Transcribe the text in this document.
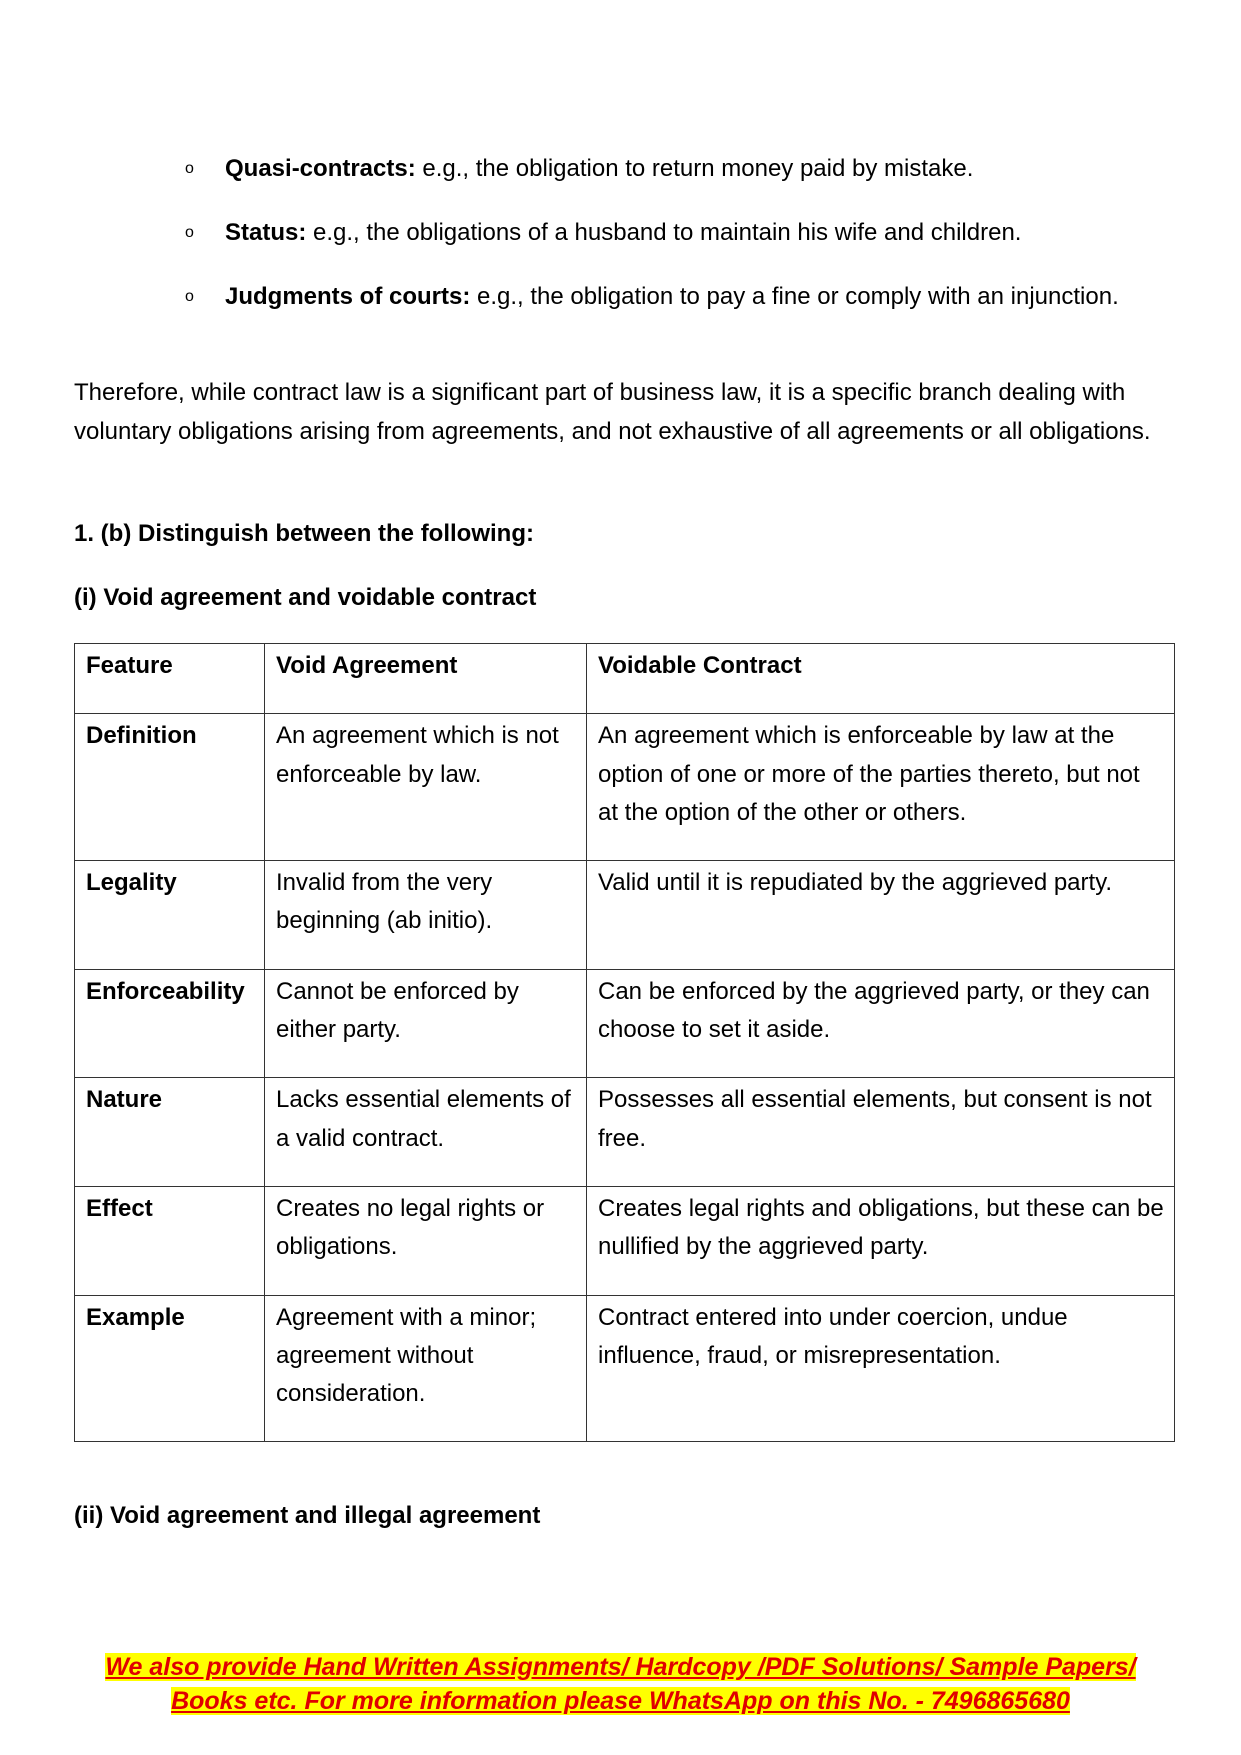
o Quasi-contracts: e.g., the obligation to return money paid by mistake.
o Status: e.g., the obligations of a husband to maintain his wife and children.
o Judgments of courts: e.g., the obligation to pay a fine or comply with an injunction.
Therefore, while contract law is a significant part of business law, it is a specific branch dealing with voluntary obligations arising from agreements, and not exhaustive of all agreements or all obligations.
1. (b) Distinguish between the following:
(i) Void agreement and voidable contract
Feature	Void Agreement	Voidable Contract
Definition	An agreement which is not enforceable by law.	An agreement which is enforceable by law at the option of one or more of the parties thereto, but not at the option of the other or others.
Legality	Invalid from the very beginning (ab initio).	Valid until it is repudiated by the aggrieved party.
Enforceability	Cannot be enforced by either party.	Can be enforced by the aggrieved party, or they can choose to set it aside.
Nature	Lacks essential elements of a valid contract.	Possesses all essential elements, but consent is not free.
Effect	Creates no legal rights or obligations.	Creates legal rights and obligations, but these can be nullified by the aggrieved party.
Example	Agreement with a minor; agreement without consideration.	Contract entered into under coercion, undue influence, fraud, or misrepresentation.
(ii) Void agreement and illegal agreement
We also provide Hand Written Assignments/ Hardcopy /PDF Solutions/ Sample Papers/
Books etc. For more information please WhatsApp on this No. - 7496865680
